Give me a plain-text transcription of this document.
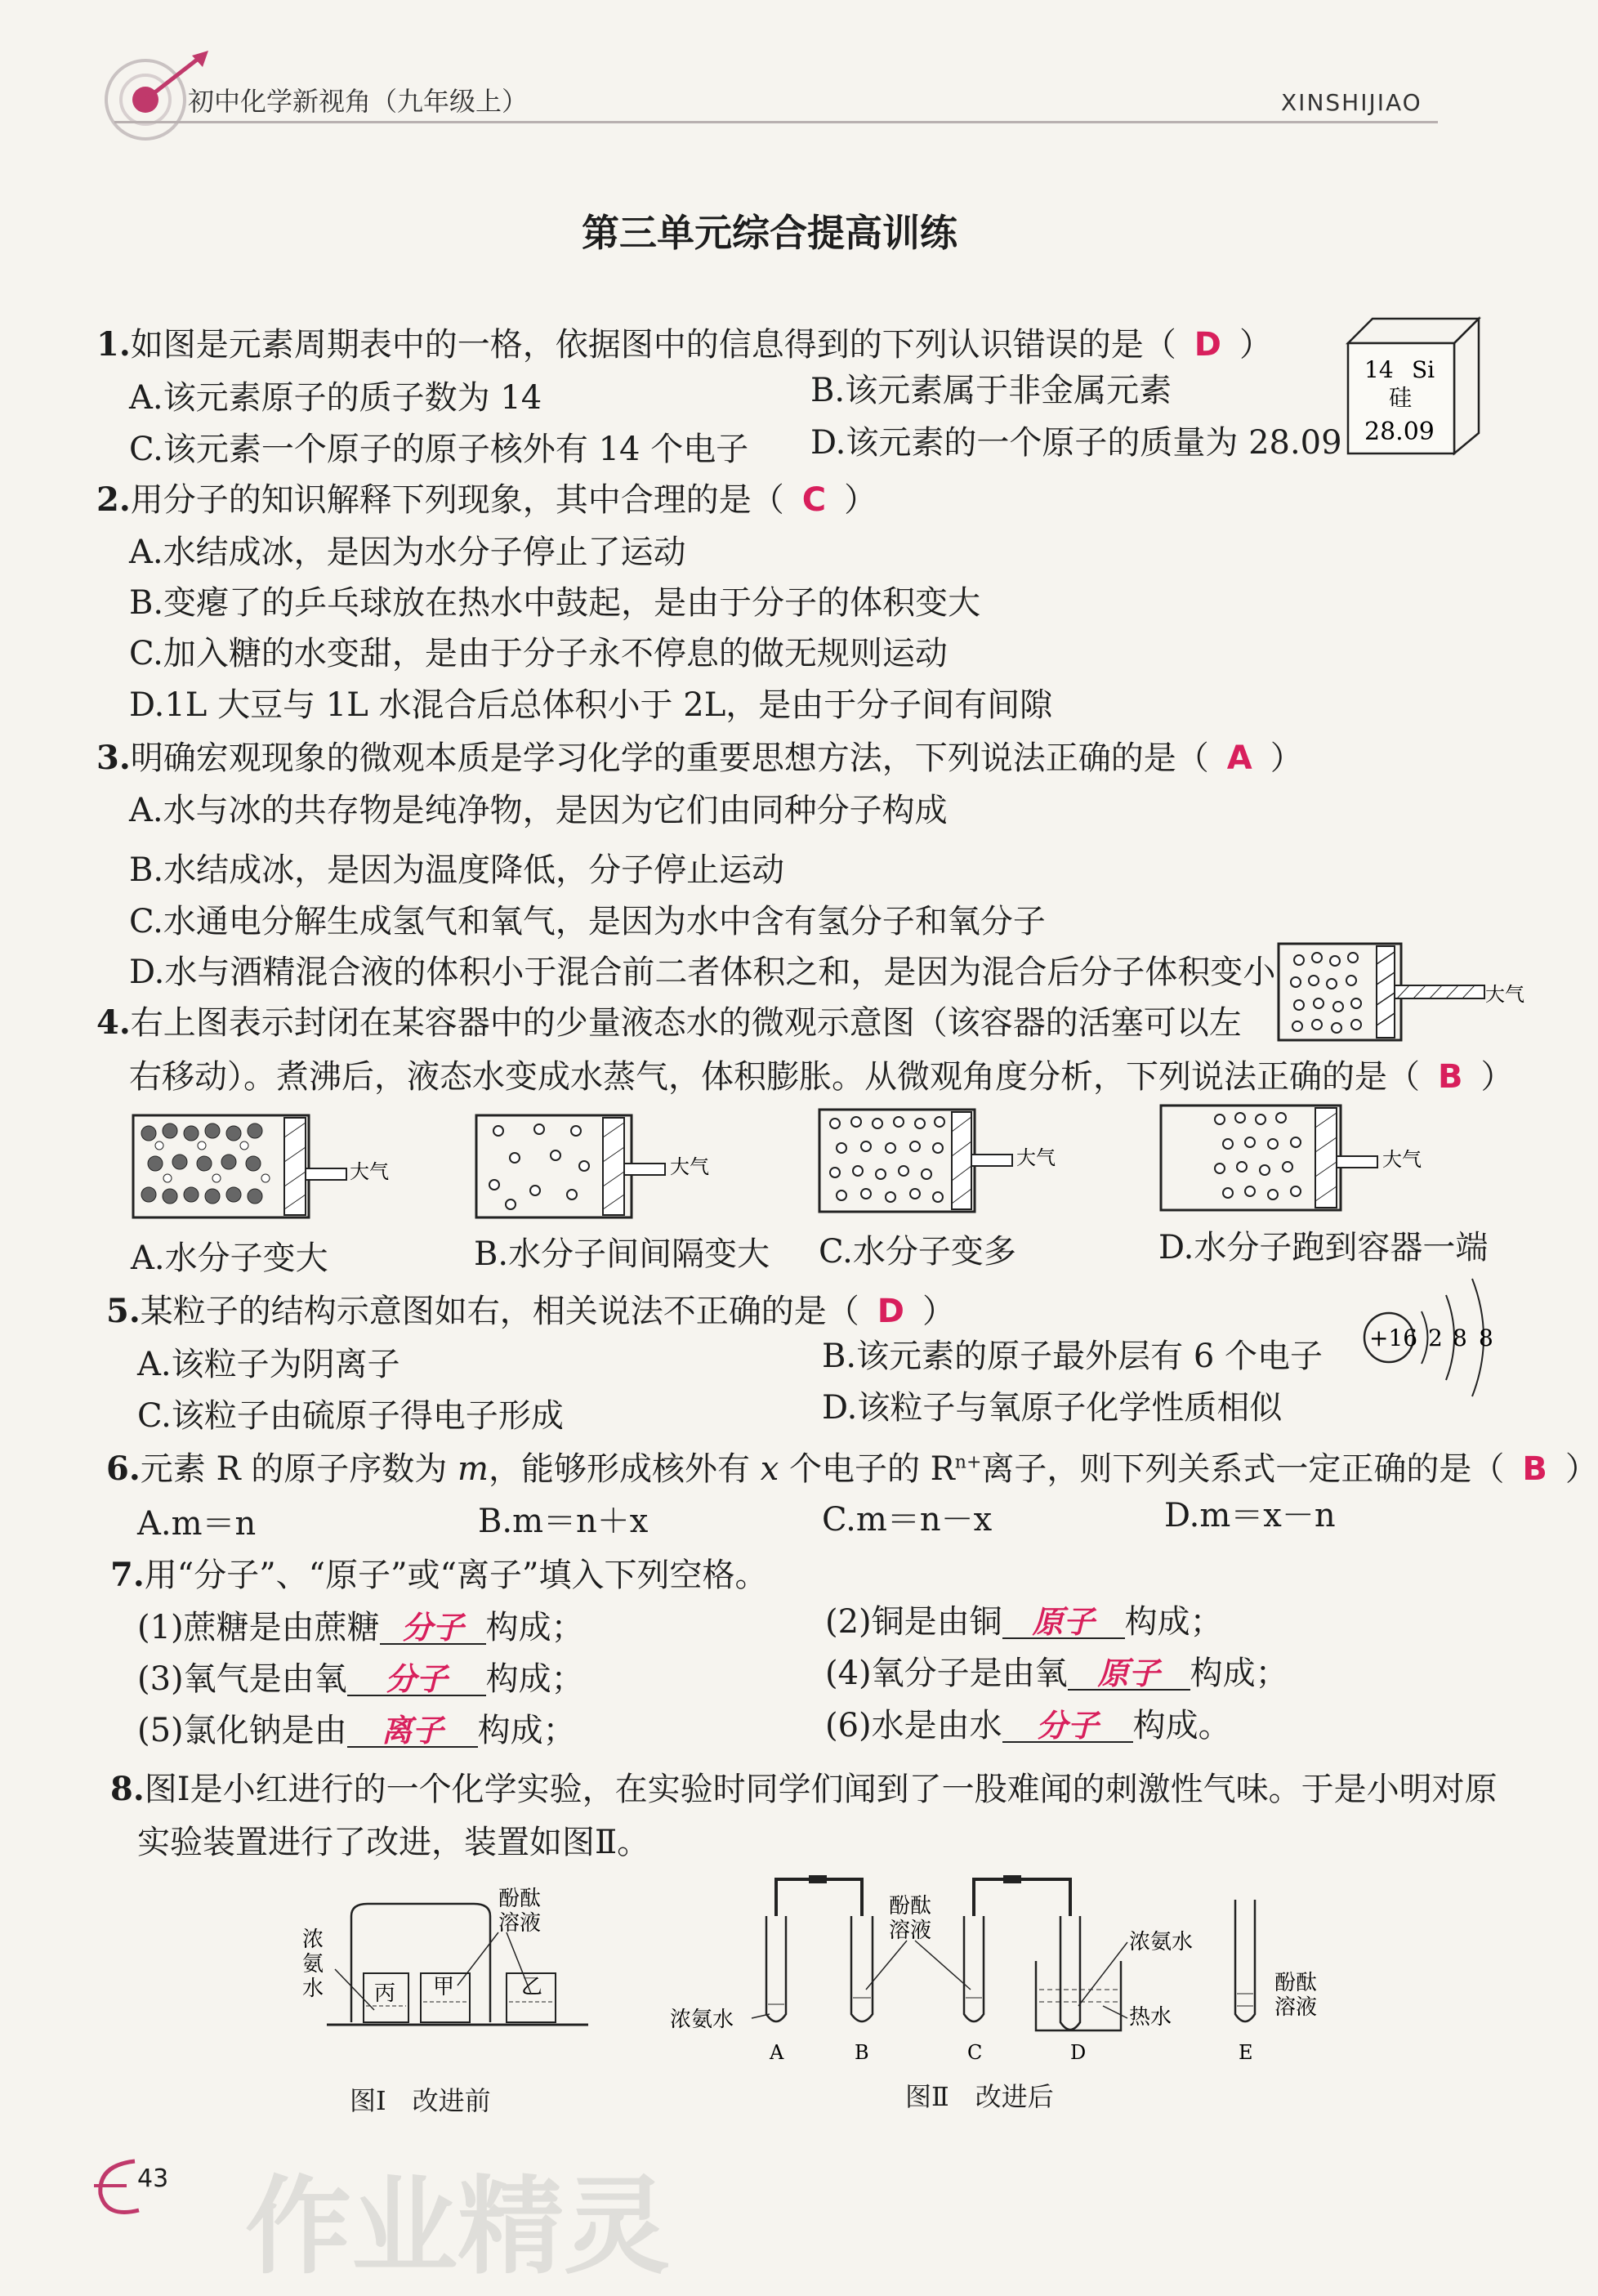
初中化学新视角（九年级上）	XINSHIJIAO
第三单元综合提高训练
1.如图是元素周期表中的一格，依据图中的信息得到的下列认识错误的是（ D ）
A.该元素原子的质子数为 14	B.该元素属于非金属元素
C.该元素一个原子的原子核外有 14 个电子 D.该元素的一个原子的质量为 28.09
14 Si
硅
28.09
2.用分子的知识解释下列现象，其中合理的是（ C ）
A.水结成冰，是因为水分子停止了运动
B.变瘪了的乒乓球放在热水中鼓起，是由于分子的体积变大
C.加入糖的水变甜，是由于分子永不停息的做无规则运动
D.1L 大豆与 1L 水混合后总体积小于 2L，是由于分子间有间隙
3.明确宏观现象的微观本质是学习化学的重要思想方法，下列说法正确的是（ A ）
A.水与冰的共存物是纯净物，是因为它们由同种分子构成
B.水结成冰，是因为温度降低，分子停止运动
C.水通电分解生成氢气和氧气，是因为水中含有氢分子和氧分子
D.水与酒精混合液的体积小于混合前二者体积之和，是因为混合后分子体积变小
大气
4.右上图表示封闭在某容器中的少量液态水的微观示意图（该容器的活塞可以左
右移动）。煮沸后，液态水变成水蒸气，体积膨胀。从微观角度分析，下列说法正确的是（ B ）
大气	大气	大气	大气
A.水分子变大	B.水分子间间隔变大 C.水分子变多	D.水分子跑到容器一端
5.某粒子的结构示意图如右，相关说法不正确的是（ D ）
A.该粒子为阴离子	B.该元素的原子最外层有 6 个电子
C.该粒子由硫原子得电子形成	D.该粒子与氧原子化学性质相似
+16 2 8 8
6.元素 R 的原子序数为 m，能够形成核外有 x 个电子的 $R^{n+}$离子，则下列关系式一定正确的是（ B ）
A.m＝n	B.m＝n＋x	C.m＝n－x	D.m＝x－n
7.用“分子”、“原子”或“离子”填入下列空格。
(1)蔗糖是由蔗糖 分子 构成；	(2)铜是由铜 原子 构成；
(3)氧气是由氧 分子 构成；	(4)氧分子是由氧 原子 构成；
(5)氯化钠是由 离子 构成；	(6)水是由水 分子 构成。
8.图Ⅰ是小红进行的一个化学实验，在实验时同学们闻到了一股难闻的刺激性气味。于是小明对原
实验装置进行了改进，装置如图Ⅱ。
丙 甲	乙
浓
氨
水
酚酞
溶液
图Ⅰ　改进前
浓氨水
酚酞
溶液	浓氨水
热水
酚酞
溶液
A	B	C	D	E
图Ⅱ　改进后
43 作业精灵
